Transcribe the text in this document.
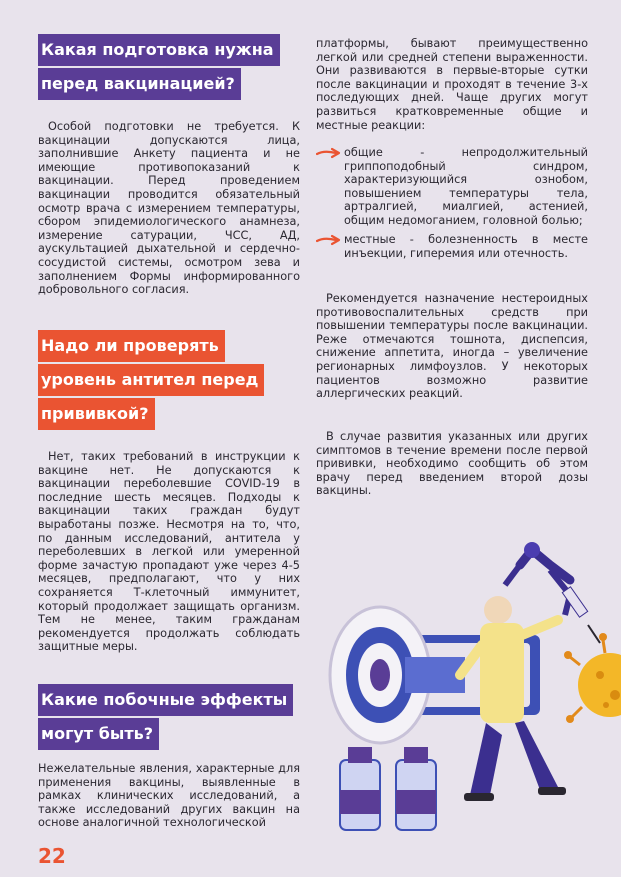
Какая подготовка нужна
перед вакцинацией?

Особой подготовки не требуется. К вакцинации допускаются лица, заполнившие Анкету пациента и не имеющие противопоказаний к вакцинации. Перед проведением вакцинации проводится обязательный осмотр врача с измерением температуры, сбором эпидемиологического анамнеза, измерение сатурации, ЧСС, АД, аускультацией дыхательной и сердечно-сосудистой системы, осмотром зева и заполнением Формы информированного добровольного согласия.

Надо ли проверять
уровень антител перед
прививкой?

Нет, таких требований в инструкции к вакцине нет. Не допускаются к вакцинации переболевшие COVID-19 в последние шесть месяцев. Подходы к вакцинации таких граждан будут выработаны позже. Несмотря на то, что, по данным исследований, антитела у переболевших в легкой или умеренной форме зачастую пропадают уже через 4-5 месяцев, предполагают, что у них сохраняется Т-клеточный иммунитет, который продолжает защищать организм. Тем не менее, таким гражданам рекомендуется продолжать соблюдать защитные меры.

Какие побочные эффекты
могут быть?

Нежелательные явления, характерные для применения вакцины, выявленные в рамках клинических исследований, а также исследований других вакцин на основе аналогичной технологической

платформы, бывают преимущественно легкой или средней степени выраженности. Они развиваются в первые-вторые сутки после вакцинации и проходят в течение 3-х последующих дней. Чаще других могут развиться кратковременные общие и местные реакции:

общие - непродолжительный гриппоподобный синдром, характеризующийся ознобом, повышением температуры тела, артралгией, миалгией, астенией, общим недомоганием, головной болью;

местные - болезненность в месте инъекции, гиперемия или отечность.

Рекомендуется назначение нестероидных противовоспалительных средств при повышении температуры после вакцинации. Реже отмечаются тошнота, диспепсия, снижение аппетита, иногда – увеличение регионарных лимфоузлов. У некоторых пациентов возможно развитие аллергических реакций.

В случае развития указанных или других симптомов в течение времени после первой прививки, необходимо сообщить об этом врачу перед введением второй дозы вакцины.

22
